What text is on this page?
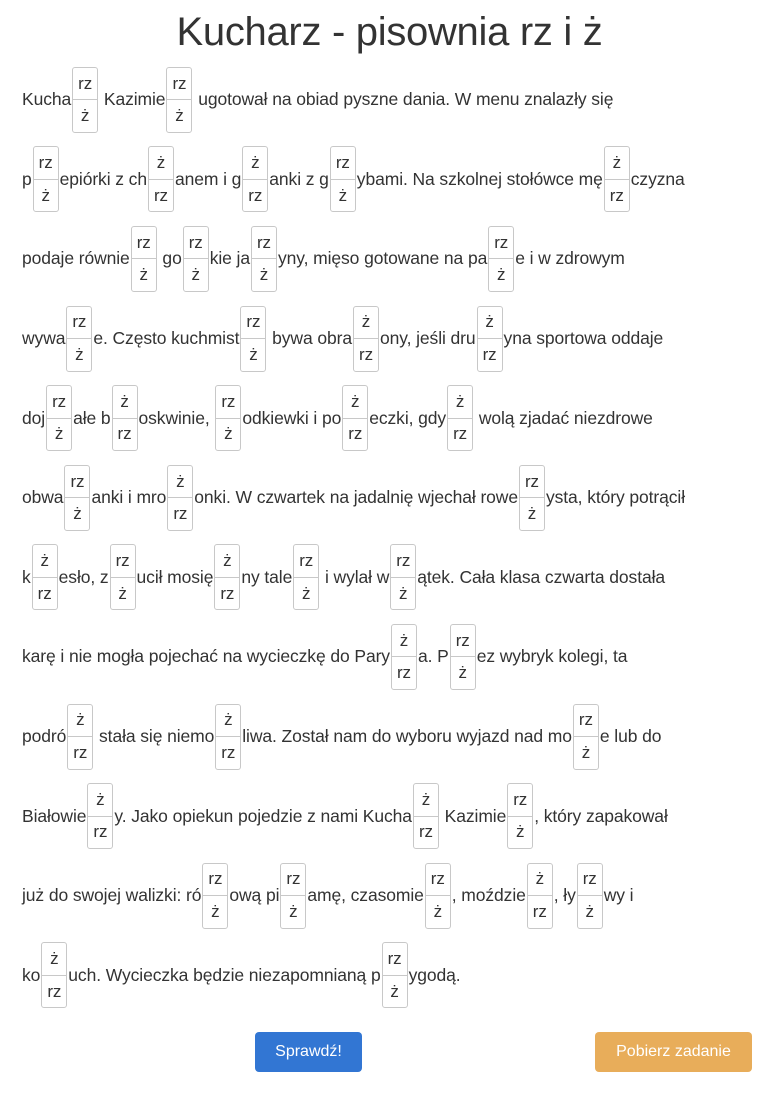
Kucharz - pisownia rz i ż
Kucha
rz
ż
Kazimie
rz
ż
ugotował na obiad pyszne dania. W menu znalazły się
p
rz
ż
epiórki z ch
ż
rz
anem i g
ż
rz
anki z g
rz
ż
ybami. Na szkolnej stołówce mę
ż
rz
czyzna
podaje równie
rz
ż
go
rz
ż
kie ja
rz
ż
yny, mięso gotowane na pa
rz
ż
e i w zdrowym
wywa
rz
ż
e. Często kuchmist
rz
ż
bywa obra
ż
rz
ony, jeśli dru
ż
rz
yna sportowa oddaje
doj
rz
ż
ałe b
ż
rz
oskwinie,
rz
ż
odkiewki i po
ż
rz
eczki, gdy
ż
rz
wolą zjadać niezdrowe
obwa
rz
ż
anki i mro
ż
rz
onki. W czwartek na jadalnię wjechał rowe
rz
ż
ysta, który potrącił
k
ż
rz
esło, z
rz
ż
ucił mosię
ż
rz
ny tale
rz
ż
i wylał w
rz
ż
ątek. Cała klasa czwarta dostała
karę i nie mogła pojechać na wycieczkę do Pary
ż
rz
a. P
rz
ż
ez wybryk kolegi, ta
podró
ż
rz
stała się niemo
ż
rz
liwa. Został nam do wyboru wyjazd nad mo
rz
ż
e lub do
Białowie
ż
rz
y. Jako opiekun pojedzie z nami Kucha
ż
rz
Kazimie
rz
ż
, który zapakował
już do swojej walizki: ró
rz
ż
ową pi
rz
ż
amę, czasomie
rz
ż
, moździe
ż
rz
, ły
rz
ż
wy i
ko
ż
rz
uch. Wycieczka będzie niezapomnianą p
rz
ż
ygodą.
Sprawdź!	Pobierz zadanie
